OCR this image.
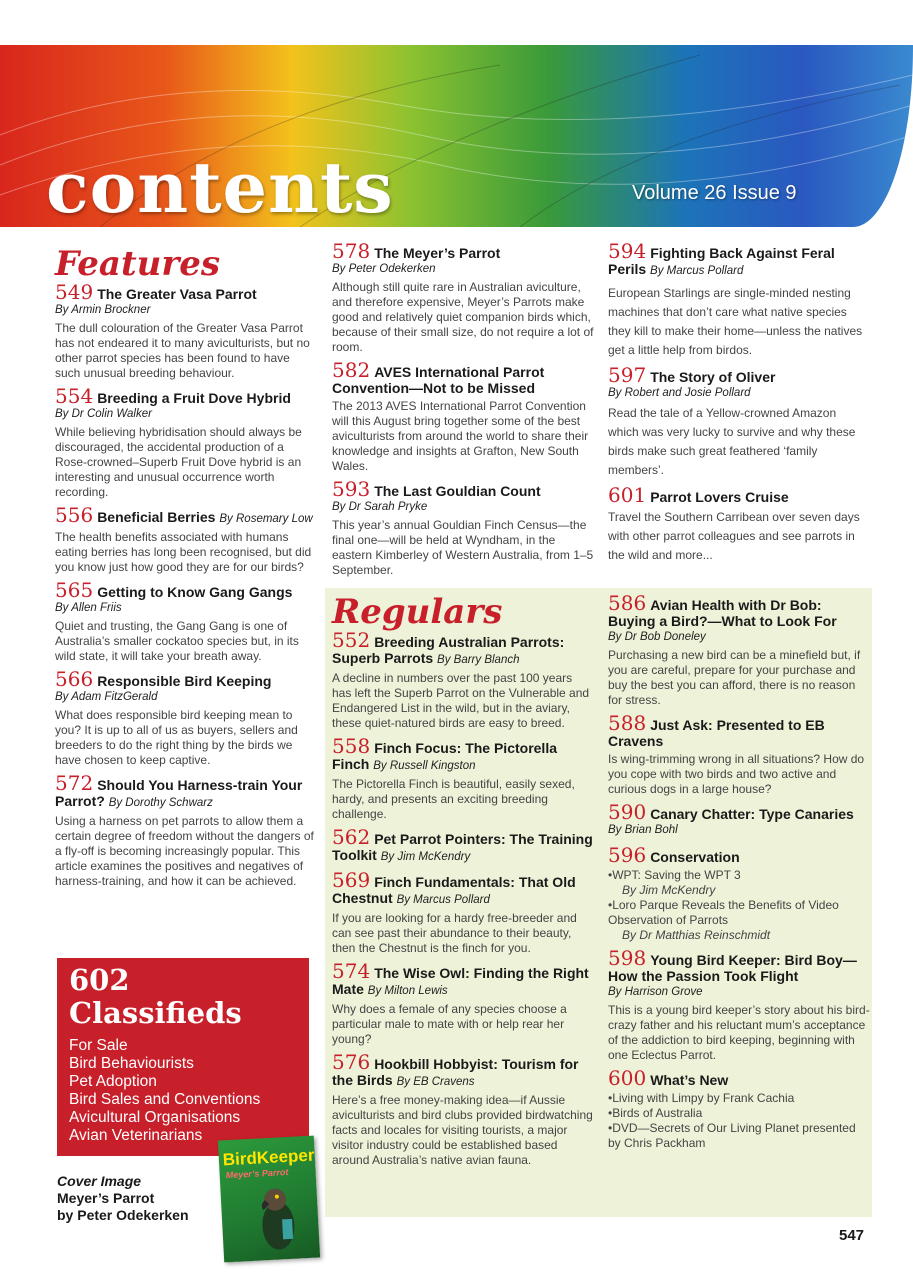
contents	Volume 26 Issue 9
Features
549 The Greater Vasa Parrot
By Armin Brockner

The dull colouration of the Greater Vasa Parrot has not endeared it to many aviculturists, but no other parrot species has been found to have such unusual breeding behaviour.

554 Breeding a Fruit Dove Hybrid
By Dr Colin Walker

While believing hybridisation should always be discouraged, the accidental production of a Rose-crowned–Superb Fruit Dove hybrid is an interesting and unusual occurrence worth recording.

556 Beneficial Berries By Rosemary Low

The health benefits associated with humans eating berries has long been recognised, but did you know just how good they are for our birds?

565 Getting to Know Gang Gangs
By Allen Friis

Quiet and trusting, the Gang Gang is one of Australia’s smaller cockatoo species but, in its wild state, it will take your breath away.

566 Responsible Bird Keeping
By Adam FitzGerald

What does responsible bird keeping mean to you? It is up to all of us as buyers, sellers and breeders to do the right thing by the birds we have chosen to keep captive.

572 Should You Harness-train Your Parrot? By Dorothy Schwarz

Using a harness on pet parrots to allow them a certain degree of freedom without the dangers of a fly-off is becoming increasingly popular. This article examines the positives and negatives of harness-training, and how it can be achieved.

578 The Meyer’s Parrot
By Peter Odekerken

Although still quite rare in Australian aviculture, and therefore expensive, Meyer’s Parrots make good and relatively quiet companion birds which, because of their small size, do not require a lot of room.

582 AVES International Parrot Convention—Not to be Missed

The 2013 AVES International Parrot Convention will this August bring together some of the best aviculturists from around the world to share their knowledge and insights at Grafton, New South Wales.

593 The Last Gouldian Count
By Dr Sarah Pryke

This year’s annual Gouldian Finch Census—the final one—will be held at Wyndham, in the eastern Kimberley of Western Australia, from 1–5 September.

594 Fighting Back Against Feral Perils By Marcus Pollard

European Starlings are single-minded nesting machines that don’t care what native species they kill to make their home—unless the natives get a little help from birdos.

597 The Story of Oliver
By Robert and Josie Pollard

Read the tale of a Yellow-crowned Amazon which was very lucky to survive and why these birds make such great feathered ‘family members’.

601 Parrot Lovers Cruise

Travel the Southern Carribean over seven days with other parrot colleagues and see parrots in the wild and more...

Regulars
552 Breeding Australian Parrots: Superb Parrots By Barry Blanch

A decline in numbers over the past 100 years has left the Superb Parrot on the Vulnerable and Endangered List in the wild, but in the aviary, these quiet-natured birds are easy to breed.

558 Finch Focus: The Pictorella Finch By Russell Kingston

The Pictorella Finch is beautiful, easily sexed, hardy, and presents an exciting breeding challenge.

562 Pet Parrot Pointers: The Training Toolkit By Jim McKendry
569 Finch Fundamentals: That Old Chestnut By Marcus Pollard

If you are looking for a hardy free-breeder and can see past their abundance to their beauty, then the Chestnut is the finch for you.

574 The Wise Owl: Finding the Right Mate By Milton Lewis

Why does a female of any species choose a particular male to mate with or help rear her young?

576 Hookbill Hobbyist: Tourism for the Birds By EB Cravens

Here’s a free money-making idea—if Aussie aviculturists and bird clubs provided birdwatching facts and locales for visiting tourists, a major visitor industry could be established based around Australia’s native avian fauna.

586 Avian Health with Dr Bob: Buying a Bird?—What to Look For
By Dr Bob Doneley

Purchasing a new bird can be a minefield but, if you are careful, prepare for your purchase and buy the best you can afford, there is no reason for stress.

588 Just Ask: Presented to EB Cravens

Is wing-trimming wrong in all situations? How do you cope with two birds and two active and curious dogs in a large house?

590 Canary Chatter: Type Canaries
By Brian Bohl
596 Conservation
• WPT: Saving the WPT 3
By Jim McKendry
• Loro Parque Reveals the Benefits of Video Observation of Parrots
By Dr Matthias Reinschmidt
598 Young Bird Keeper: Bird Boy—How the Passion Took Flight
By Harrison Grove

This is a young bird keeper’s story about his bird-crazy father and his reluctant mum’s acceptance of the addiction to bird keeping, beginning with one Eclectus Parrot.

600 What’s New
• Living with Limpy by Frank Cachia
• Birds of Australia
• DVD—Secrets of Our Living Planet presented by Chris Packham
602
Classifieds
For Sale
Bird Behaviourists
Pet Adoption
Bird Sales and Conventions
Avicultural Organisations
Avian Veterinarians
Cover Image
Meyer’s Parrot
by Peter Odekerken
BirdKeeper
Meyer’s Parrot
547
